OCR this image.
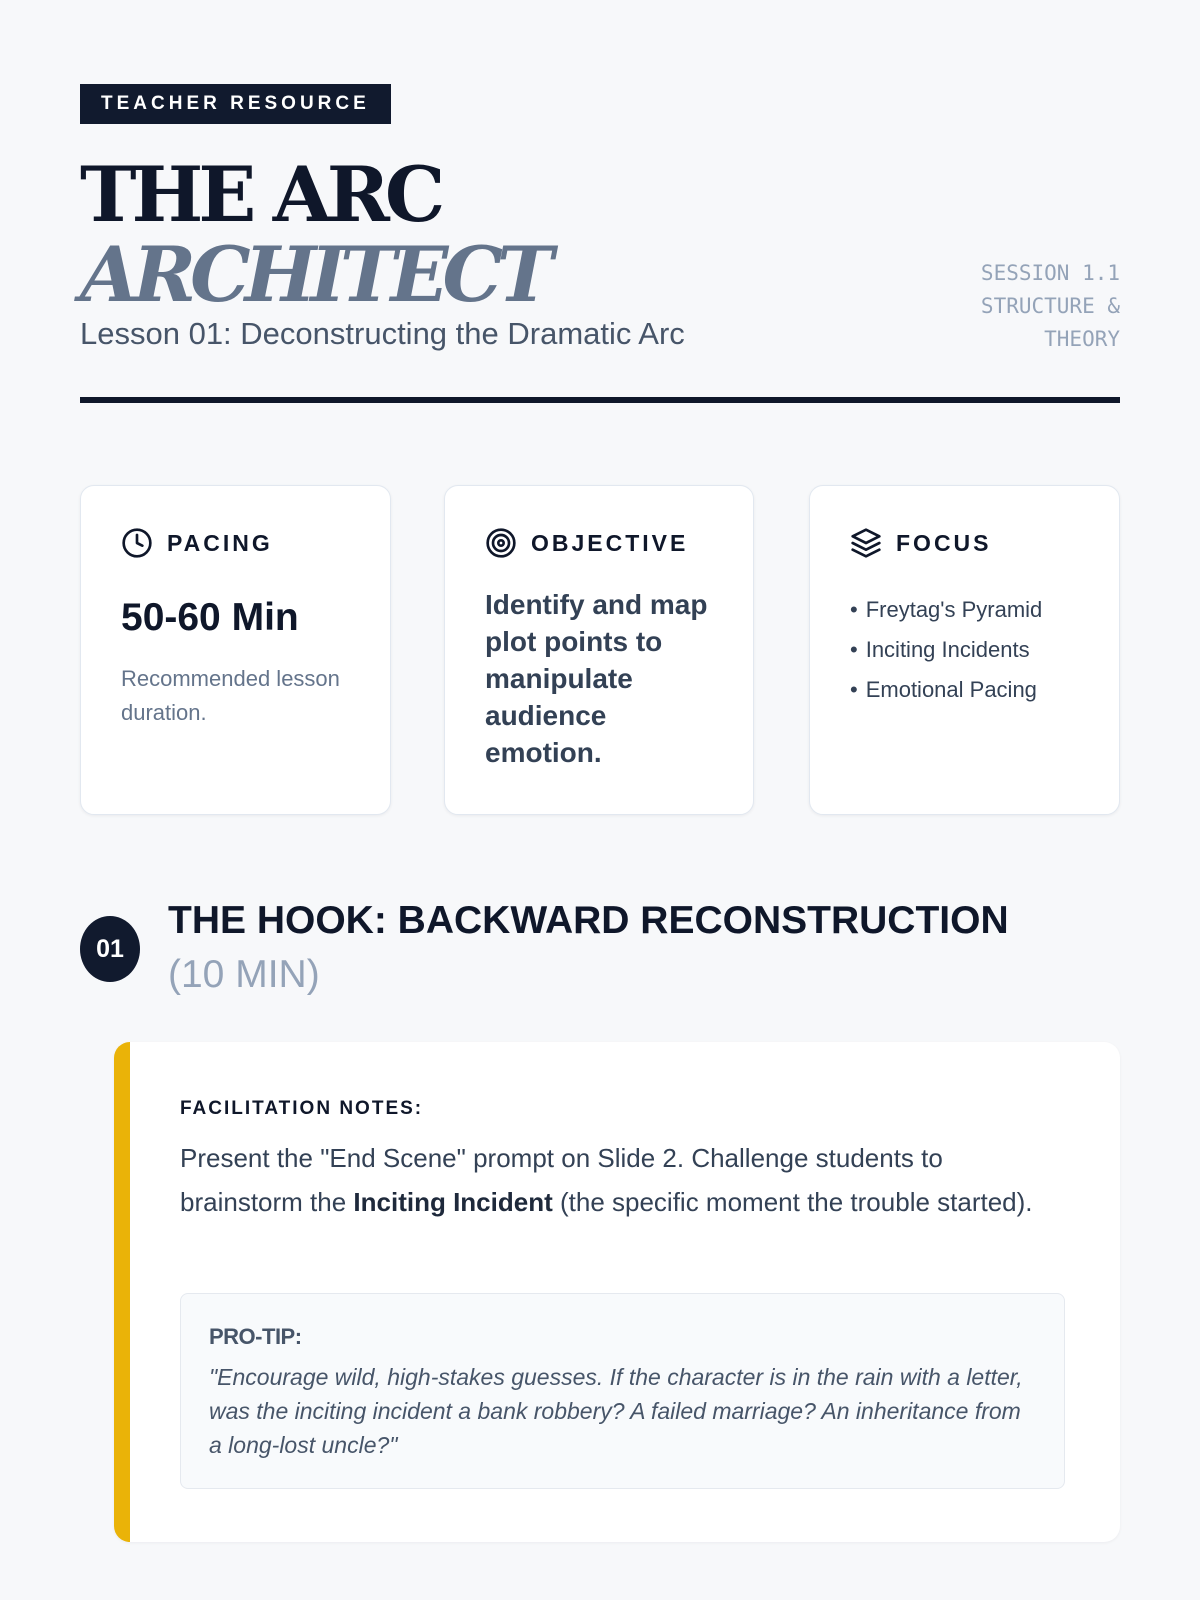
TEACHER RESOURCE
THE ARC
ARCHITECT
Lesson 01: Deconstructing the Dramatic Arc
SESSION 1.1
STRUCTURE &
THEORY
PACING
50-60 Min
Recommended lesson duration.
OBJECTIVE
Identify and map plot points to manipulate audience emotion.
FOCUS
• Freytag's Pyramid
• Inciting Incidents
• Emotional Pacing
01
THE HOOK: BACKWARD RECONSTRUCTION
(10 MIN)
FACILITATION NOTES:
Present the "End Scene" prompt on Slide 2. Challenge students to brainstorm the Inciting Incident (the specific moment the trouble started).
PRO-TIP:
"Encourage wild, high-stakes guesses. If the character is in the rain with a letter, was the inciting incident a bank robbery? A failed marriage? An inheritance from a long-lost uncle?"
